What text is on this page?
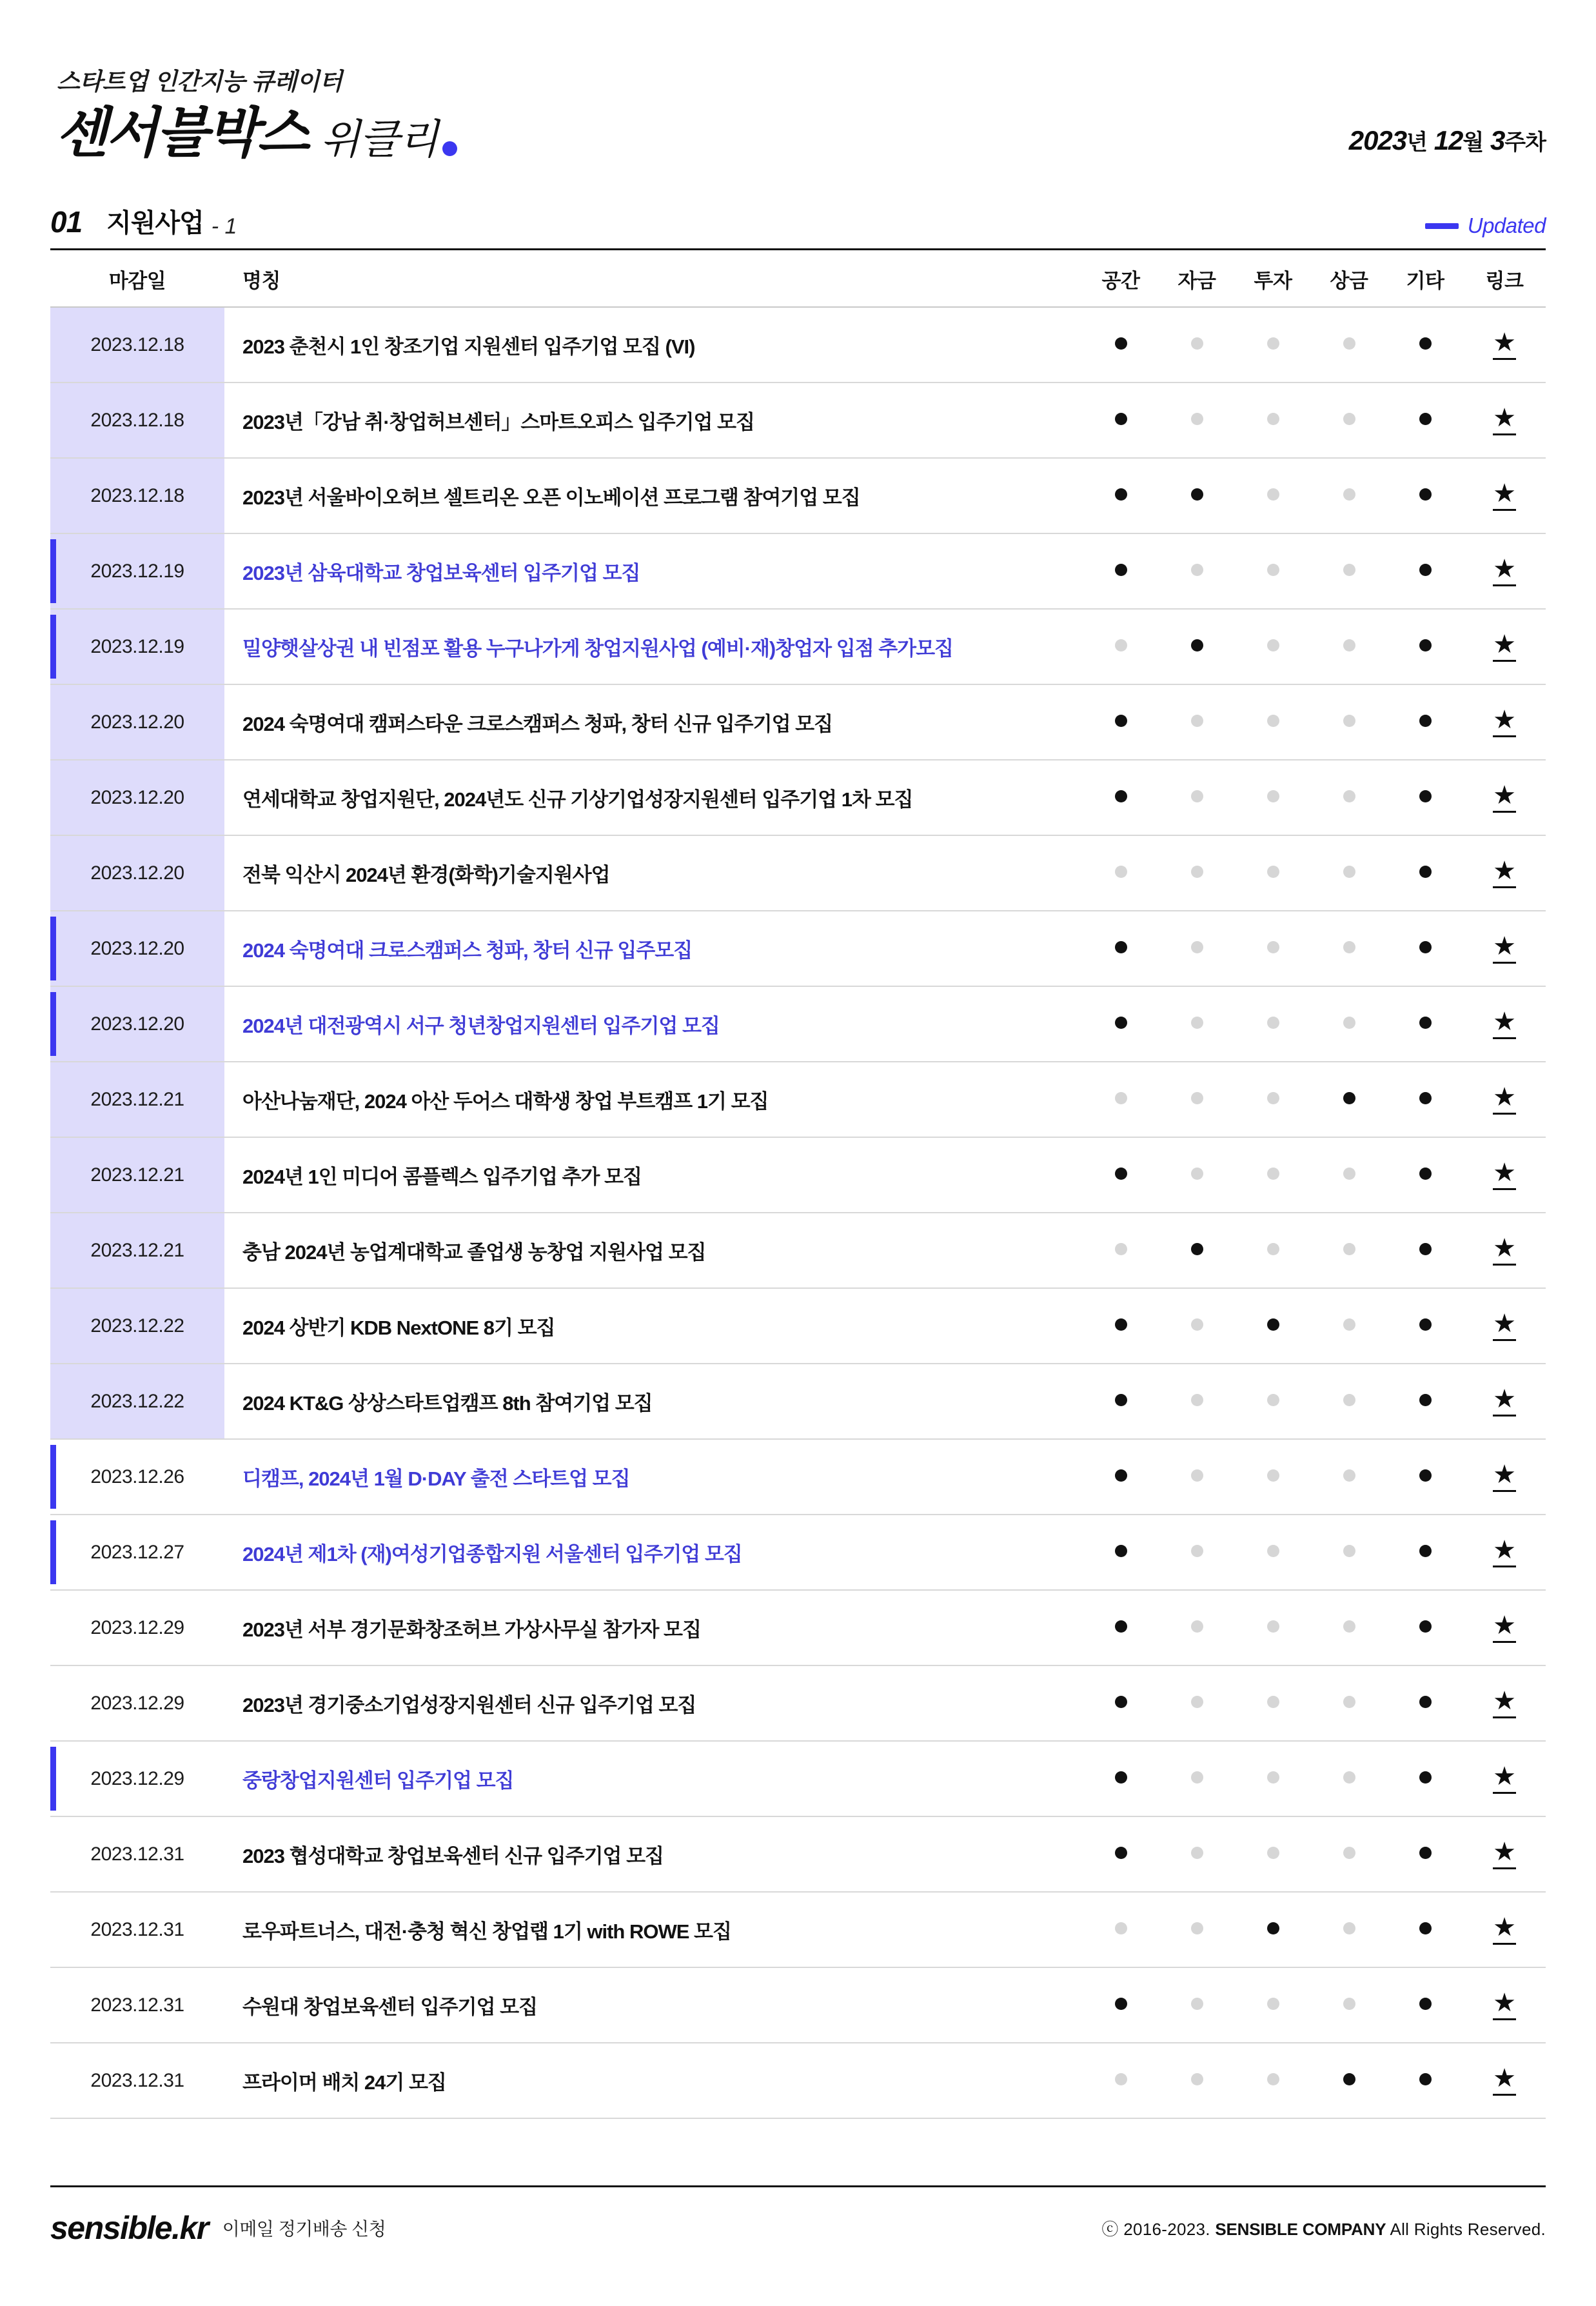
스타트업 인간지능 큐레이터
센서블박스 위클리	2023년 12월 3주차
01 지원사업 - 1	Updated
마감일	명칭	공간	자금	투자	상금	기타	링크
2023.12.18	2023 춘천시 1인 창조기업 지원센터 입주기업 모집 (VI)						★
2023.12.18	2023년「강남 취·창업허브센터」스마트오피스 입주기업 모집						★
2023.12.18	2023년 서울바이오허브 셀트리온 오픈 이노베이션 프로그램 참여기업 모집						★
2023.12.19	2023년 삼육대학교 창업보육센터 입주기업 모집						★
2023.12.19	밀양햇살상권 내 빈점포 활용 누구나가게 창업지원사업 (예비·재)창업자 입점 추가모집						★
2023.12.20	2024 숙명여대 캠퍼스타운 크로스캠퍼스 청파, 창터 신규 입주기업 모집						★
2023.12.20	연세대학교 창업지원단, 2024년도 신규 기상기업성장지원센터 입주기업 1차 모집						★
2023.12.20	전북 익산시 2024년 환경(화학)기술지원사업						★
2023.12.20	2024 숙명여대 크로스캠퍼스 청파, 창터 신규 입주모집						★
2023.12.20	2024년 대전광역시 서구 청년창업지원센터 입주기업 모집						★
2023.12.21	아산나눔재단, 2024 아산 두어스 대학생 창업 부트캠프 1기 모집						★
2023.12.21	2024년 1인 미디어 콤플렉스 입주기업 추가 모집						★
2023.12.21	충남 2024년 농업계대학교 졸업생 농창업 지원사업 모집						★
2023.12.22	2024 상반기 KDB NextONE 8기 모집						★
2023.12.22	2024 KT&G 상상스타트업캠프 8th 참여기업 모집						★
2023.12.26	디캠프, 2024년 1월 D·DAY 출전 스타트업 모집						★
2023.12.27	2024년 제1차 (재)여성기업종합지원 서울센터 입주기업 모집						★
2023.12.29	2023년 서부 경기문화창조허브 가상사무실 참가자 모집						★
2023.12.29	2023년 경기중소기업성장지원센터 신규 입주기업 모집						★
2023.12.29	중랑창업지원센터 입주기업 모집						★
2023.12.31	2023 협성대학교 창업보육센터 신규 입주기업 모집						★
2023.12.31	로우파트너스, 대전·충청 혁신 창업랩 1기 with ROWE 모집						★
2023.12.31	수원대 창업보육센터 입주기업 모집						★
2023.12.31	프라이머 배치 24기 모집						★
sensible.kr 이메일 정기배송 신청	ⓒ 2016-2023. SENSIBLE COMPANY All Rights Reserved.
